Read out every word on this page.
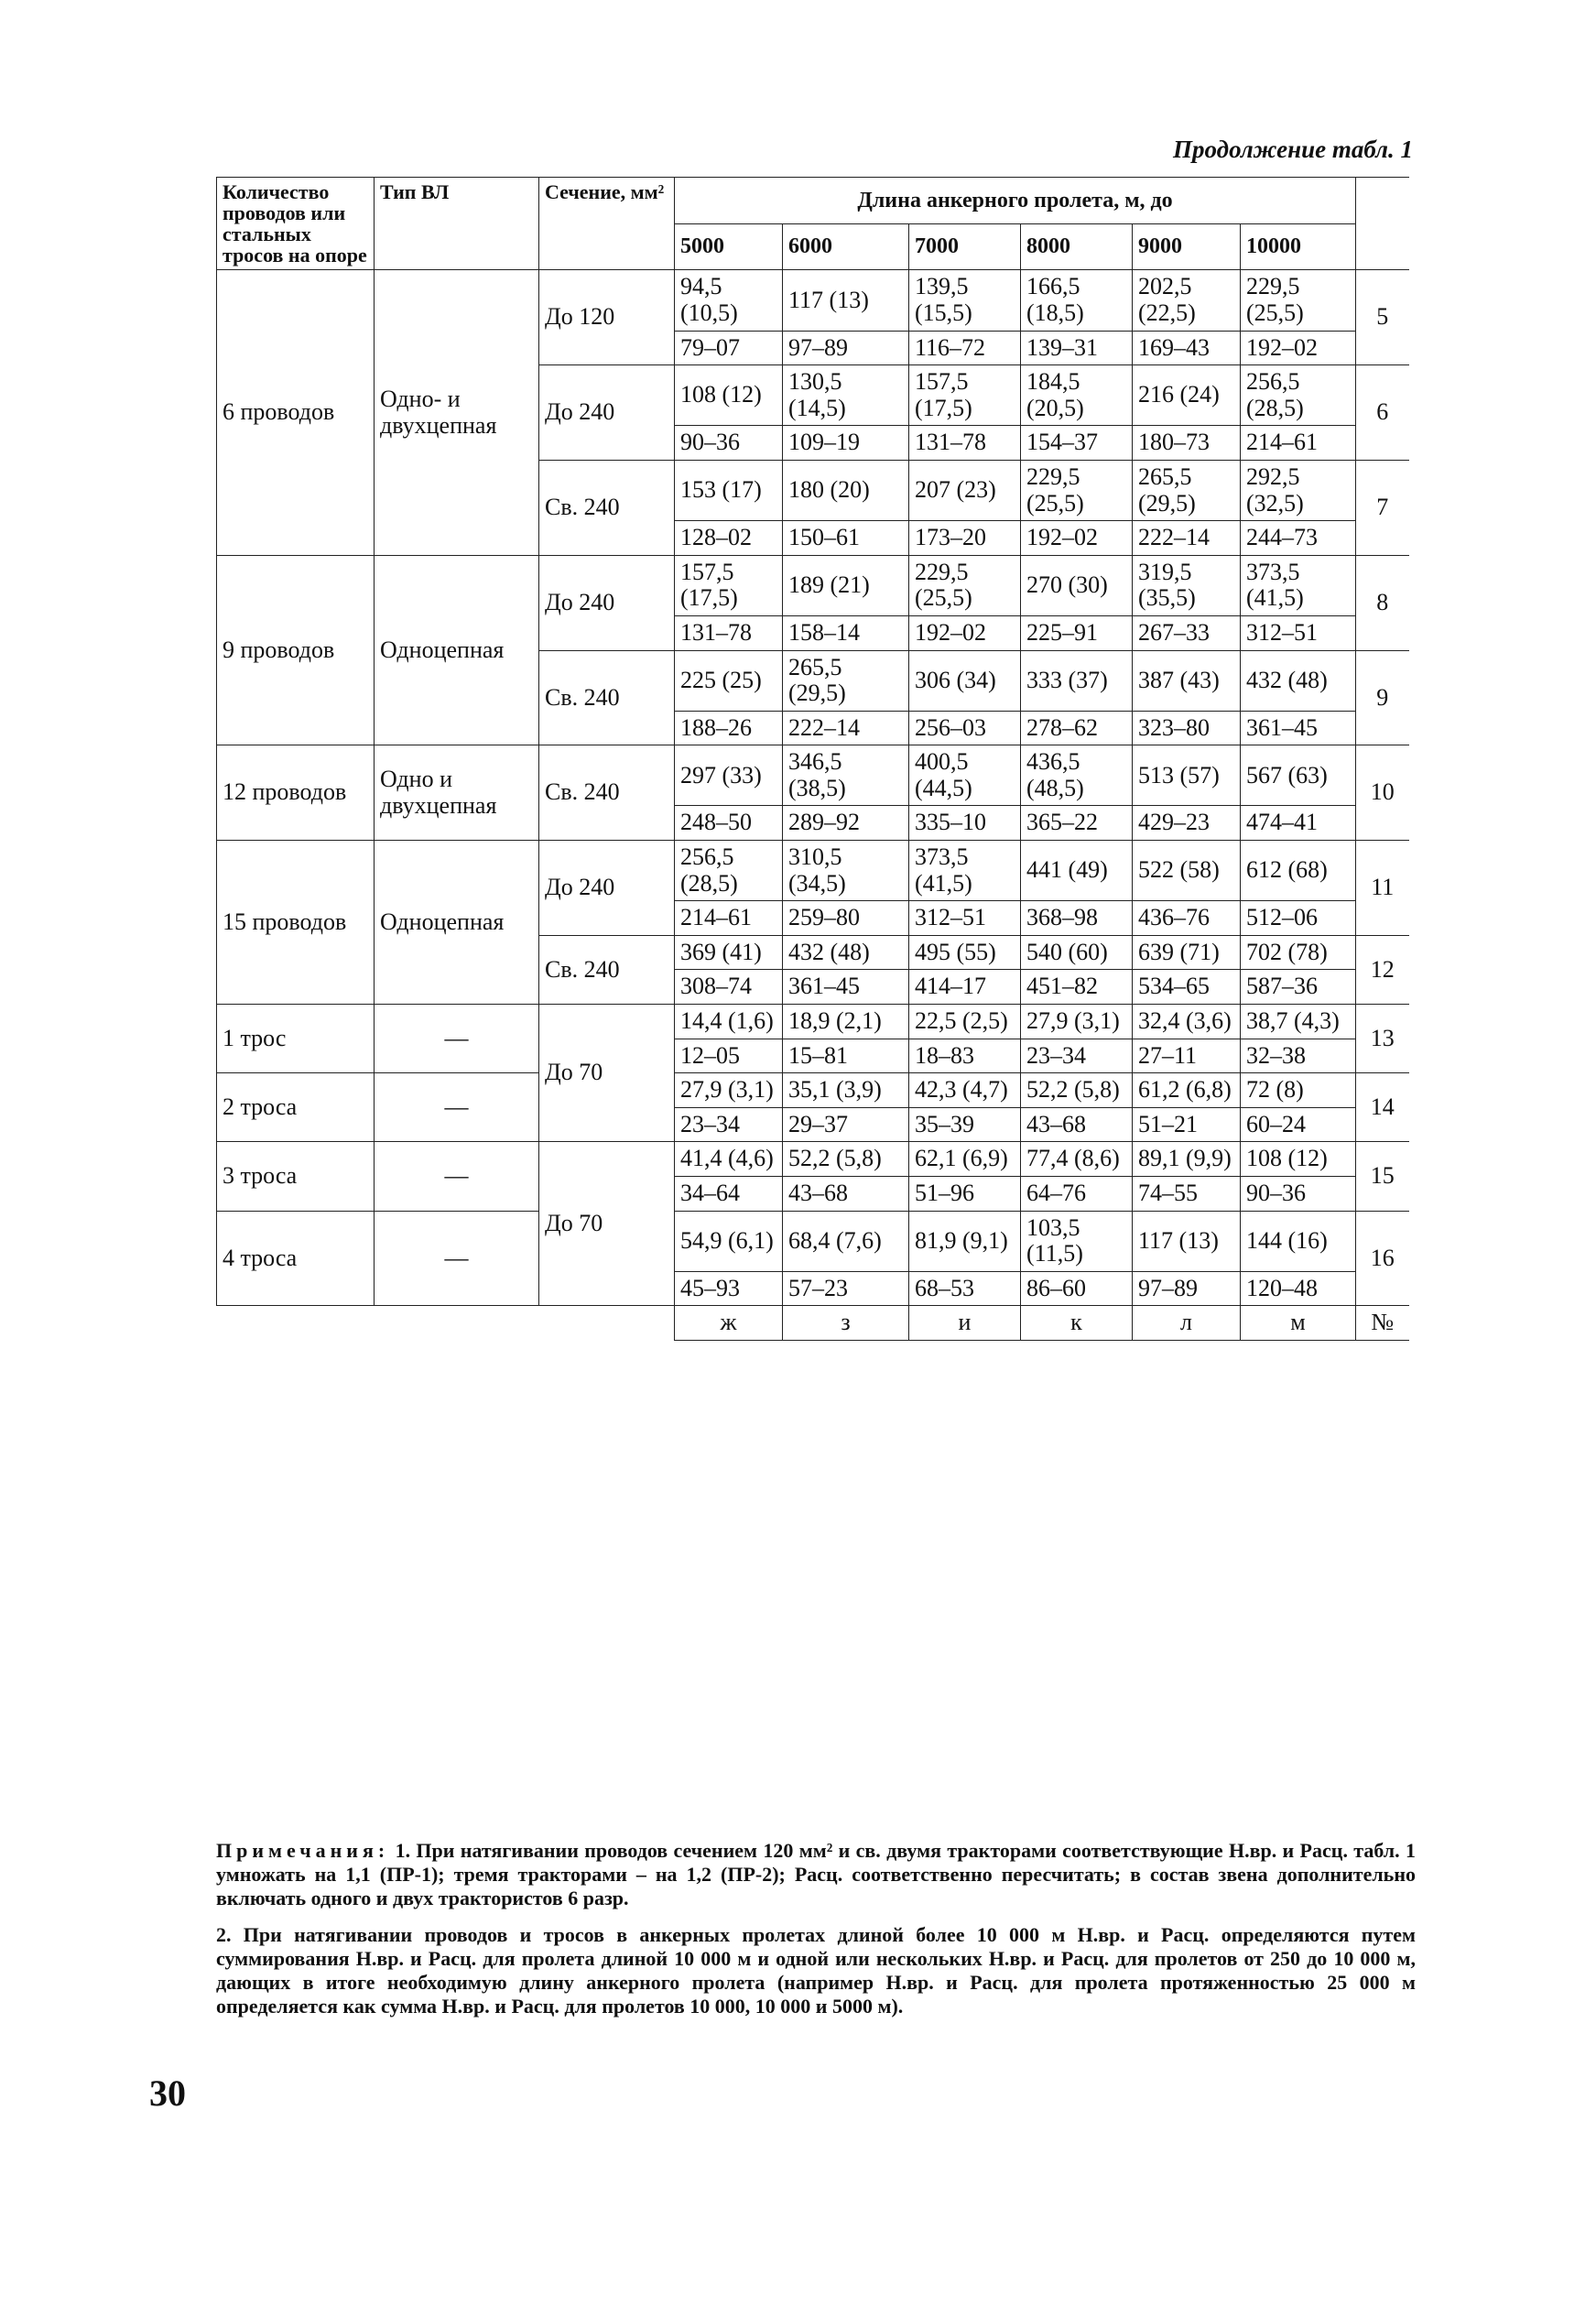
Продолжение табл. 1
Количество проводов или стальных тросов на опоре	Тип ВЛ	Сечение, мм²	Длина анкерного пролета, м, до						
			5000	6000	7000	8000	9000	10000	
6 проводов	Одно- и двухцепная	До 120	94,5 (10,5)	117 (13)	139,5 (15,5)	166,5 (18,5)	202,5 (22,5)	229,5 (25,5)	5
			79–07	97–89	116–72	139–31	169–43	192–02	
		До 240	108 (12)	130,5 (14,5)	157,5 (17,5)	184,5 (20,5)	216 (24)	256,5 (28,5)	6
			90–36	109–19	131–78	154–37	180–73	214–61	
		Св. 240	153 (17)	180 (20)	207 (23)	229,5 (25,5)	265,5 (29,5)	292,5 (32,5)	7
			128–02	150–61	173–20	192–02	222–14	244–73	
9 проводов	Одноцепная	До 240	157,5 (17,5)	189 (21)	229,5 (25,5)	270 (30)	319,5 (35,5)	373,5 (41,5)	8
			131–78	158–14	192–02	225–91	267–33	312–51	
		Св. 240	225 (25)	265,5 (29,5)	306 (34)	333 (37)	387 (43)	432 (48)	9
			188–26	222–14	256–03	278–62	323–80	361–45	
12 проводов	Одно и двухцепная	Св. 240	297 (33)	346,5 (38,5)	400,5 (44,5)	436,5 (48,5)	513 (57)	567 (63)	10
			248–50	289–92	335–10	365–22	429–23	474–41	
15 проводов	Одноцепная	До 240	256,5 (28,5)	310,5 (34,5)	373,5 (41,5)	441 (49)	522 (58)	612 (68)	11
			214–61	259–80	312–51	368–98	436–76	512–06	
		Св. 240	369 (41)	432 (48)	495 (55)	540 (60)	639 (71)	702 (78)	12
			308–74	361–45	414–17	451–82	534–65	587–36	
1 трос	—	До 70	14,4 (1,6)	18,9 (2,1)	22,5 (2,5)	27,9 (3,1)	32,4 (3,6)	38,7 (4,3)	13
			12–05	15–81	18–83	23–34	27–11	32–38	
2 троса	—		27,9 (3,1)	35,1 (3,9)	42,3 (4,7)	52,2 (5,8)	61,2 (6,8)	72 (8)	14
			23–34	29–37	35–39	43–68	51–21	60–24	
3 троса	—	До 70	41,4 (4,6)	52,2 (5,8)	62,1 (6,9)	77,4 (8,6)	89,1 (9,9)	108 (12)	15
			34–64	43–68	51–96	64–76	74–55	90–36	
4 троса	—		54,9 (6,1)	68,4 (7,6)	81,9 (9,1)	103,5 (11,5)	117 (13)	144 (16)	16
			45–93	57–23	68–53	86–60	97–89	120–48	
			ж	з	и	к	л	м	№

Примечания: 1. При натягивании проводов сечением 120 мм² и св. двумя тракторами соответствующие Н.вр. и Расц. табл. 1 умножать на 1,1 (ПР-1); тремя тракторами – на 1,2 (ПР-2); Расц. соответственно пересчитать; в состав звена дополнительно включать одного и двух трактористов 6 разр.

2. При натягивании проводов и тросов в анкерных пролетах длиной более 10 000 м Н.вр. и Расц. определяются путем суммирования Н.вр. и Расц. для пролета длиной 10 000 м и одной или нескольких Н.вр. и Расц. для пролетов от 250 до 10 000 м, дающих в итоге необходимую длину анкерного пролета (например Н.вр. и Расц. для пролета протяженностью 25 000 м определяется как сумма Н.вр. и Расц. для пролетов 10 000, 10 000 и 5000 м).

30
